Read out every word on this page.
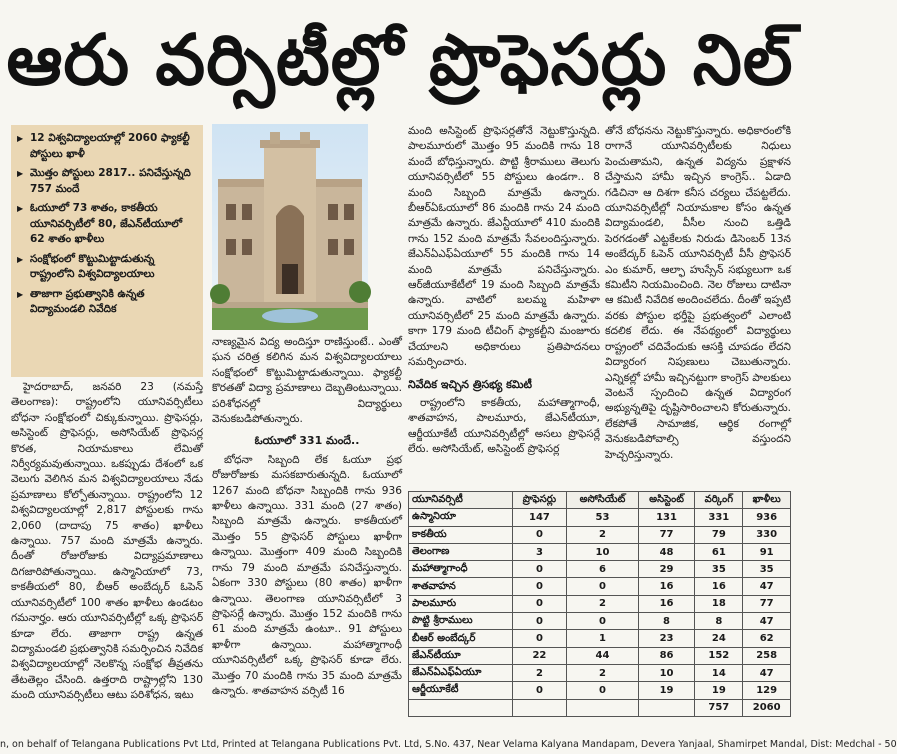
ఆరు వర్సిటీల్లో ప్రొఫెసర్లు నిల్
▶ 12 విశ్వవిద్యాలయాల్లో 2060 ఫ్యాకల్టీ పోస్టులు ఖాళీ
▶ మొత్తం పోస్టులు 2817.. పనిచేస్తున్నది 757 మందే
▶ ఓయూలో 73 శాతం, కాకతీయ యూనివర్సిటీలో 80, జేఎన్‌టీయూలో 62 శాతం ఖాళీలు
▶ సంక్షోభంలో కొట్టుమిట్టాడుతున్న రాష్ట్రంలోని విశ్వవిద్యాలయాలు
▶ తాజాగా ప్రభుత్వానికి ఉన్నత విద్యామండలి నివేదిక

హైదరాబాద్, జనవరి 23 (నమస్తే తెలంగాణ): రాష్ట్రంలోని యూనివర్సిటీలు బోధనా సంక్షోభంలో చిక్కుకున్నాయి. ప్రొఫెసర్లు, అసిస్టెంట్ ప్రొఫెసర్లు, అసోసియేట్ ప్రొఫెసర్ల కొరత, నియామకాలు లేమితో నిర్వీర్యమవుతున్నాయి. ఒకప్పుడు దేశంలో ఒక వెలుగు వెలిగిన మన విశ్వవిద్యాలయాలు నేడు ప్రమాణాలు కోల్పోతున్నాయి. రాష్ట్రంలోని 12 విశ్వవిద్యాలయాల్లో 2,817 పోస్టులకు గాను 2,060 (దాదాపు 75 శాతం) ఖాళీలు ఉన్నాయి. 757 మంది మాత్రమే ఉన్నారు. దీంతో రోజురోజుకు విద్యాప్రమాణాలు దిగజారిపోతున్నాయి. ఉస్మానియాలో 73, కాకతీయలో 80, బీఆర్ అంబేద్కర్ ఓపెన్ యూనివర్సిటీలో 100 శాతం ఖాళీలు ఉండటం గమనార్హం. ఆరు యూనివర్సిటీల్లో ఒక్క ప్రొఫెసర్ కూడా లేరు. తాజాగా రాష్ట్ర ఉన్నత విద్యామండలి ప్రభుత్వానికి సమర్పించిన నివేదిక విశ్వవిద్యాలయాల్లో నెలకొన్న సంక్షోభ తీవ్రతను తేటతెల్లం చేసింది. ఉత్తరాది రాష్ట్రాల్లోని 130 మంది యూనివర్సిటీలు ఆటు పరిశోధన, ఇటు

నాణ్యమైన విద్య అందిస్తూ రాణిస్తుంటే.. ఎంతో ఘన చరిత్ర కలిగిన మన విశ్వవిద్యాలయాలు సంక్షోభంలో కొట్టుమిట్టాడుతున్నాయి. ఫ్యాకల్టీ కొరతతో విద్యా ప్రమాణాలు దెబ్బతింటున్నాయి. పరిశోధనల్లో విద్యార్థులు వెనుకబడిపోతున్నారు.

ఓయూలో 331 మందే..

బోధనా సిబ్బంది లేక ఓయూ ప్రభ రోజురోజుకు మసకబారుతున్నది. ఓయూలో 1267 మంది బోధనా సిబ్బందికి గాను 936 ఖాళీలు ఉన్నాయి. 331 మంది (27 శాతం) సిబ్బంది మాత్రమే ఉన్నారు. కాకతీయలో మొత్తం 55 ప్రొఫెసర్ పోస్టులు ఖాళీగా ఉన్నాయి. మొత్తంగా 409 మంది సిబ్బందికి గాను 79 మంది మాత్రమే పనిచేస్తున్నారు. ఏకంగా 330 పోస్టులు (80 శాతం) ఖాళీగా ఉన్నాయి. తెలంగాణ యూనివర్సిటీలో 3 ప్రొఫెసర్లే ఉన్నారు. మొత్తం 152 మందికి గాను 61 మంది మాత్రమే ఉంటూ.. 91 పోస్టులు ఖాళీగా ఉన్నాయి. మహాత్మాగాంధీ యూనివర్సిటీలో ఒక్క ప్రొఫెసర్ కూడా లేరు. మొత్తం 70 మందికి గాను 35 మంది మాత్రమే ఉన్నారు. శాతవాహన వర్సిటీ 16

మంది అసిస్టెంట్ ప్రొఫెసర్లతోనే నెట్టుకొస్తున్నది. పాలమూరులో మొత్తం 95 మందికి గాను 18 మందే బోధిస్తున్నారు. పొట్టి శ్రీరాములు తెలుగు యూనివర్సిటీలో 55 పోస్టులు ఉండగా.. 8 మంది సిబ్బంది మాత్రమే ఉన్నారు. బీఆర్‌ఏఓయూలో 86 మందికి గాను 24 మంది మాత్రమే ఉన్నారు. జేఎన్టీయూలో 410 మందికి గాను 152 మంది మాత్రమే సేవలందిస్తున్నారు. జేఎన్ఏఎఫ్‌ఏయూలో 55 మందికి గాను 14 మంది మాత్రమే పనిచేస్తున్నారు. ఆర్‌జీయూకేటీలో 19 మంది సిబ్బంది మాత్రమే ఉన్నారు. వాటిలో బలమ్మ మహిళా యూనివర్సిటీలో 25 మంది మాత్రమే ఉన్నారు. కాగా 179 మంది టీచింగ్ ఫ్యాకల్టీని మంజూరు చేయాలని అధికారులు ప్రతిపాదనలు సమర్పించారు.

నివేదిక ఇచ్చిన త్రిసభ్య కమిటీ

రాష్ట్రంలోని కాకతీయ, మహాత్మాగాంధీ, శాతవాహన, పాలమూరు, జేఎన్‌టీయూ, ఆర్జీయూకేటీ యూనివర్సిటీల్లో అసలు ప్రొఫెసర్లే లేరు. అసోసియేట్, అసిస్టెంట్ ప్రొఫెసర్ల

తోనే బోధనను నెట్టుకొస్తున్నారు. అధికారంలోకి రాగానే యూనివర్సిటీలకు నిధులు పెంచుతామని, ఉన్నత విద్యను ప్రక్షాళన చేస్తామని హామీ ఇచ్చిన కాంగ్రెస్.. ఏడాది గడిచినా ఆ దిశగా కనీస చర్యలు చేపట్టలేదు. యూనివర్సిటీల్లో నియామకాల కోసం ఉన్నత విద్యామండలి, వీసీల నుంచి ఒత్తిడి పెరగడంతో ఎట్టకేలకు నిరుడు డిసెంబర్ 13న అంబేద్కర్ ఓపెన్ యూనివర్సిటీ వీసీ ప్రొఫెసర్ ఎం కుమార్, ఆల్ఫా హుస్సేన్ సభ్యులుగా ఒక కమిటీని నియమించింది. నెల రోజులు దాటినా ఆ కమిటీ నివేదిక అందించలేదు. దీంతో ఇప్పటి వరకు పోస్టుల భర్తీపై ప్రభుత్వంలో ఎలాంటి కదలిక లేదు. ఈ నేపథ్యంలో విద్యార్థులు రాష్ట్రంలో చదివేందుకు ఆసక్తి చూపడం లేదని విద్యారంగ నిపుణులు చెబుతున్నారు. ఎన్నికల్లో హామీ ఇచ్చినట్టుగా కాంగ్రెస్ పాలకులు వెంటనే స్పందించి ఉన్నత విద్యారంగ అభ్యున్నతిపై దృష్టిసారించాలని కోరుతున్నారు. లేకపోతే సామాజిక, ఆర్థిక రంగాల్లో వెనుకబడిపోవాల్సి వస్తుందని హెచ్చరిస్తున్నారు.

యూనివర్సిటీ	ప్రొఫెసర్లు	అసోసియేట్	అసిస్టెంట్	వర్కింగ్	ఖాళీలు
ఉస్మానియా	147	53	131	331	936
కాకతీయ	0	2	77	79	330
తెలంగాణ	3	10	48	61	91
మహాత్మాగాంధీ	0	6	29	35	35
శాతవాహన	0	0	16	16	47
పాలమూరు	0	2	16	18	77
పొట్టి శ్రీరాములు	0	0	8	8	47
బీఆర్ అంబేద్కర్	0	1	23	24	62
జేఎన్‌టీయూ	22	44	86	152	258
జేఎన్ఏఎఫ్‌ఏయూ	2	2	10	14	47
ఆర్జీయూకేటీ	0	0	19	19	129
				757	2060
n, on behalf of Telangana Publications Pvt Ltd, Printed at Telangana Publications Pvt. Ltd, S.No. 437, Near Velama Kalyana Mandapam, Devera Yanjaal, Shamirpet Mandal, Dist: Medchal - 50
